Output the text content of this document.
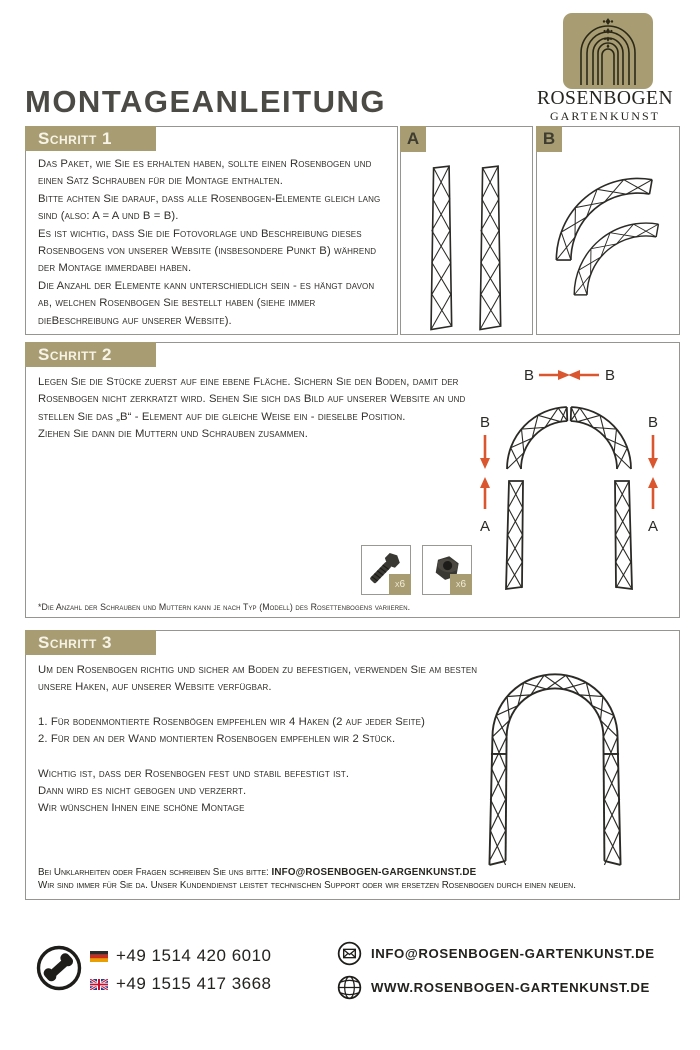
ROSENBOGEN
GARTENKUNST
MONTAGEANLEITUNG
Schritt 1

Das Paket, wie Sie es erhalten haben, sollte einen Rosenbogen und einen Satz Schrauben für die Montage enthalten.

Bitte achten Sie darauf, dass alle Rosenbogen-Elemente gleich lang sind (also: A = A und B = B).

Es ist wichtig, dass Sie die Fotovorlage und Beschreibung dieses Rosenbogens von unserer Website (insbesondere Punkt B) während der Montage immerdabei haben.

Die Anzahl der Elemente kann unterschiedlich sein - es hängt davon ab, welchen Rosenbogen Sie bestellt haben (siehe immer dieBeschreibung auf unserer Website).

A	B
Schritt 2

Legen Sie die Stücke zuerst auf eine ebene Fläche. Sichern Sie den Boden, damit der Rosenbogen nicht zerkratzt wird. Sehen Sie sich das Bild auf unserer Website an und stellen Sie das „B“ - Element auf die gleiche Weise ein - dieselbe Position.

Ziehen Sie dann die Muttern und Schrauben zusammen.

x6	x6
*Die Anzahl der Schrauben und Muttern kann je nach Typ (Modell) des Rosettenbogens variieren.
B	B
B
A
B
A
Schritt 3

Um den Rosenbogen richtig und sicher am Boden zu befestigen, verwenden Sie am besten unsere Haken, auf unserer Website verfügbar.

1. Für bodenmontierte Rosenbögen empfehlen wir 4 Haken (2 auf jeder Seite)

2. Für den an der Wand montierten Rosenbogen empfehlen wir 2 Stück.

Wichtig ist, dass der Rosenbogen fest und stabil befestigt ist.

Dann wird es nicht gebogen und verzerrt.

Wir wünschen Ihnen eine schöne Montage

Bei Unklarheiten oder Fragen schreiben Sie uns bitte: INFO@ROSENBOGEN-GARGENKUNST.DE
Wir sind immer für Sie da. Unser Kundendienst leistet technischen Support oder wir ersetzen Rosenbogen durch einen neuen.
+49 1514 420 6010
+49 1515 417 3668
INFO@ROSENBOGEN-GARTENKUNST.DE
WWW.ROSENBOGEN-GARTENKUNST.DE
